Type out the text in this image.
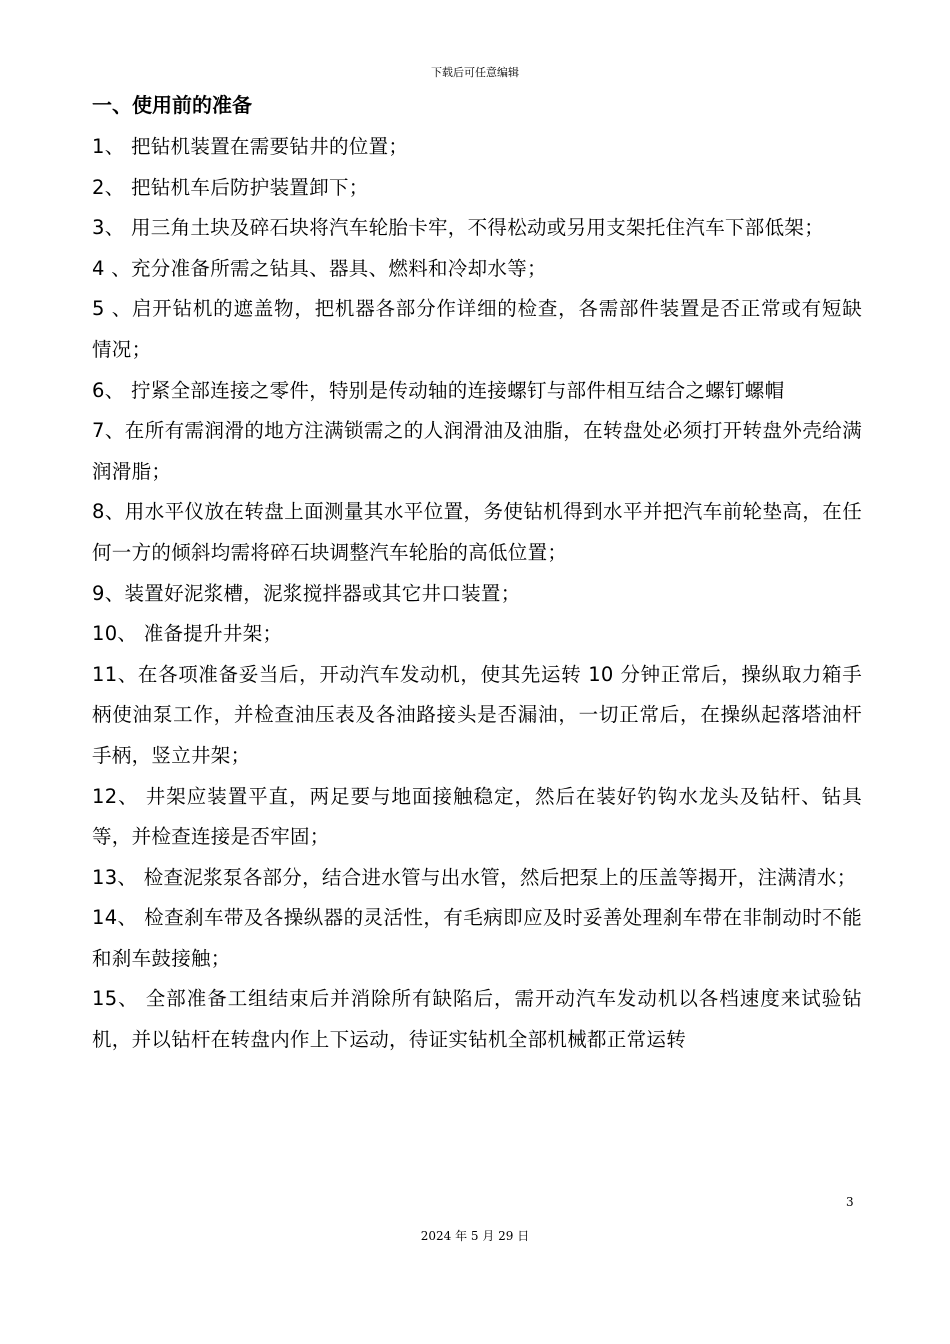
下载后可任意编辑
一、使用前的准备

1、 把钻机装置在需要钻井的位置；

2、 把钻机车后防护装置卸下；

3、 用三角土块及碎石块将汽车轮胎卡牢，不得松动或另用支架托住汽车下部低架；

4 、充分准备所需之钻具、器具、燃料和冷却水等；

5 、启开钻机的遮盖物，把机器各部分作详细的检查，各需部件装置是否正常或有短缺情况；

6、 拧紧全部连接之零件，特别是传动轴的连接螺钉与部件相互结合之螺钉螺帽

7、在所有需润滑的地方注满锁需之的人润滑油及油脂，在转盘处必须打开转盘外壳给满润滑脂；

8、用水平仪放在转盘上面测量其水平位置，务使钻机得到水平并把汽车前轮垫高，在任何一方的倾斜均需将碎石块调整汽车轮胎的高低位置；

9、装置好泥浆槽，泥浆搅拌器或其它井口装置；

10、 准备提升井架；

11、在各项准备妥当后，开动汽车发动机，使其先运转 10 分钟正常后，操纵取力箱手柄使油泵工作，并检查油压表及各油路接头是否漏油，一切正常后，在操纵起落塔油杆手柄，竖立井架；

12、 井架应装置平直，两足要与地面接触稳定，然后在装好钓钩水龙头及钻杆、钻具等，并检查连接是否牢固；

13、 检查泥浆泵各部分，结合进水管与出水管，然后把泵上的压盖等揭开，注满清水；

14、 检查刹车带及各操纵器的灵活性，有毛病即应及时妥善处理刹车带在非制动时不能和刹车鼓接触；

15、 全部准备工组结束后并消除所有缺陷后，需开动汽车发动机以各档速度来试验钻机，并以钻杆在转盘内作上下运动，待证实钻机全部机械都正常运转

3
2024 年 5 月 29 日
